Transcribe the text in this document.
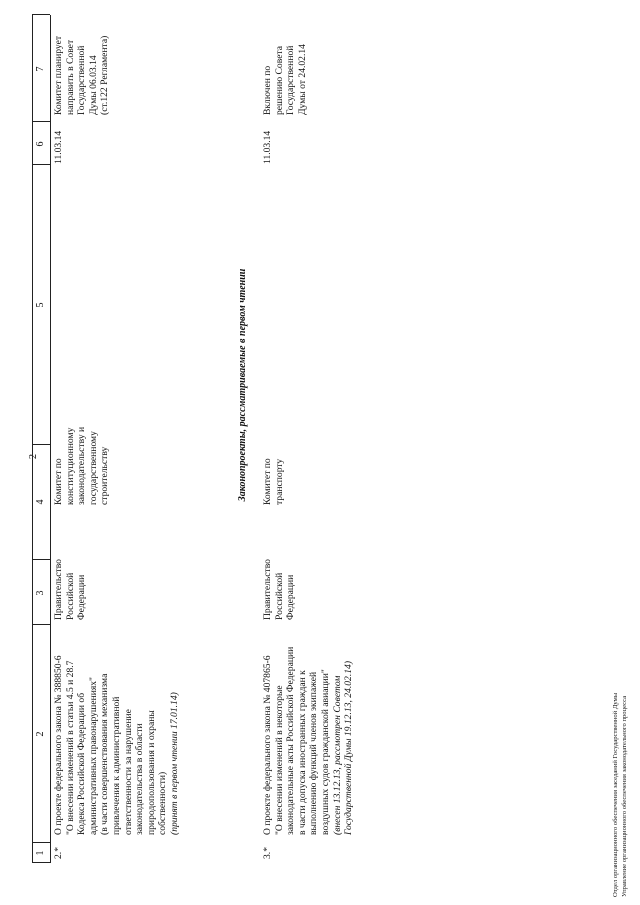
2
1
2
3
4
5
6
7
2.*
О проекте федерального закона № 388850-6 "О внесении изменений в статьи 4.5 и 28.7 Кодекса Российской Федерации об административных правонарушениях" (в части совершенствования механизма привлечения к административной ответственности за нарушение законодательства в области природопользования и охраны собственности) (принят в первом чтении 17.01.14)
Правительство Российской Федерации
Комитет по конституционному законодательству и государственному строительству
11.03.14
Комитет планирует направить в Совет Государственной Думы 06.03.14 (ст.122 Регламента)
Законопроекты, рассматриваемые в первом чтении
3.*
О проекте федерального закона № 407865-6 "О внесении изменений в некоторые законодательные акты Российской Федерации в части допуска иностранных граждан к выполнению функций членов экипажей воздушных судов гражданской авиации" (внесен 13.12.13, рассмотрен Советом Государственной Думы 19.12.13, 24.02.14)
Правительство Российской Федерации
Комитет по транспорту
11.03.14
Включен по решению Совета Государственной Думы от 24.02.14
Отдел организационного обеспечения заседаний Государственной Думы Управление организационного обеспечения законодательного процесса
